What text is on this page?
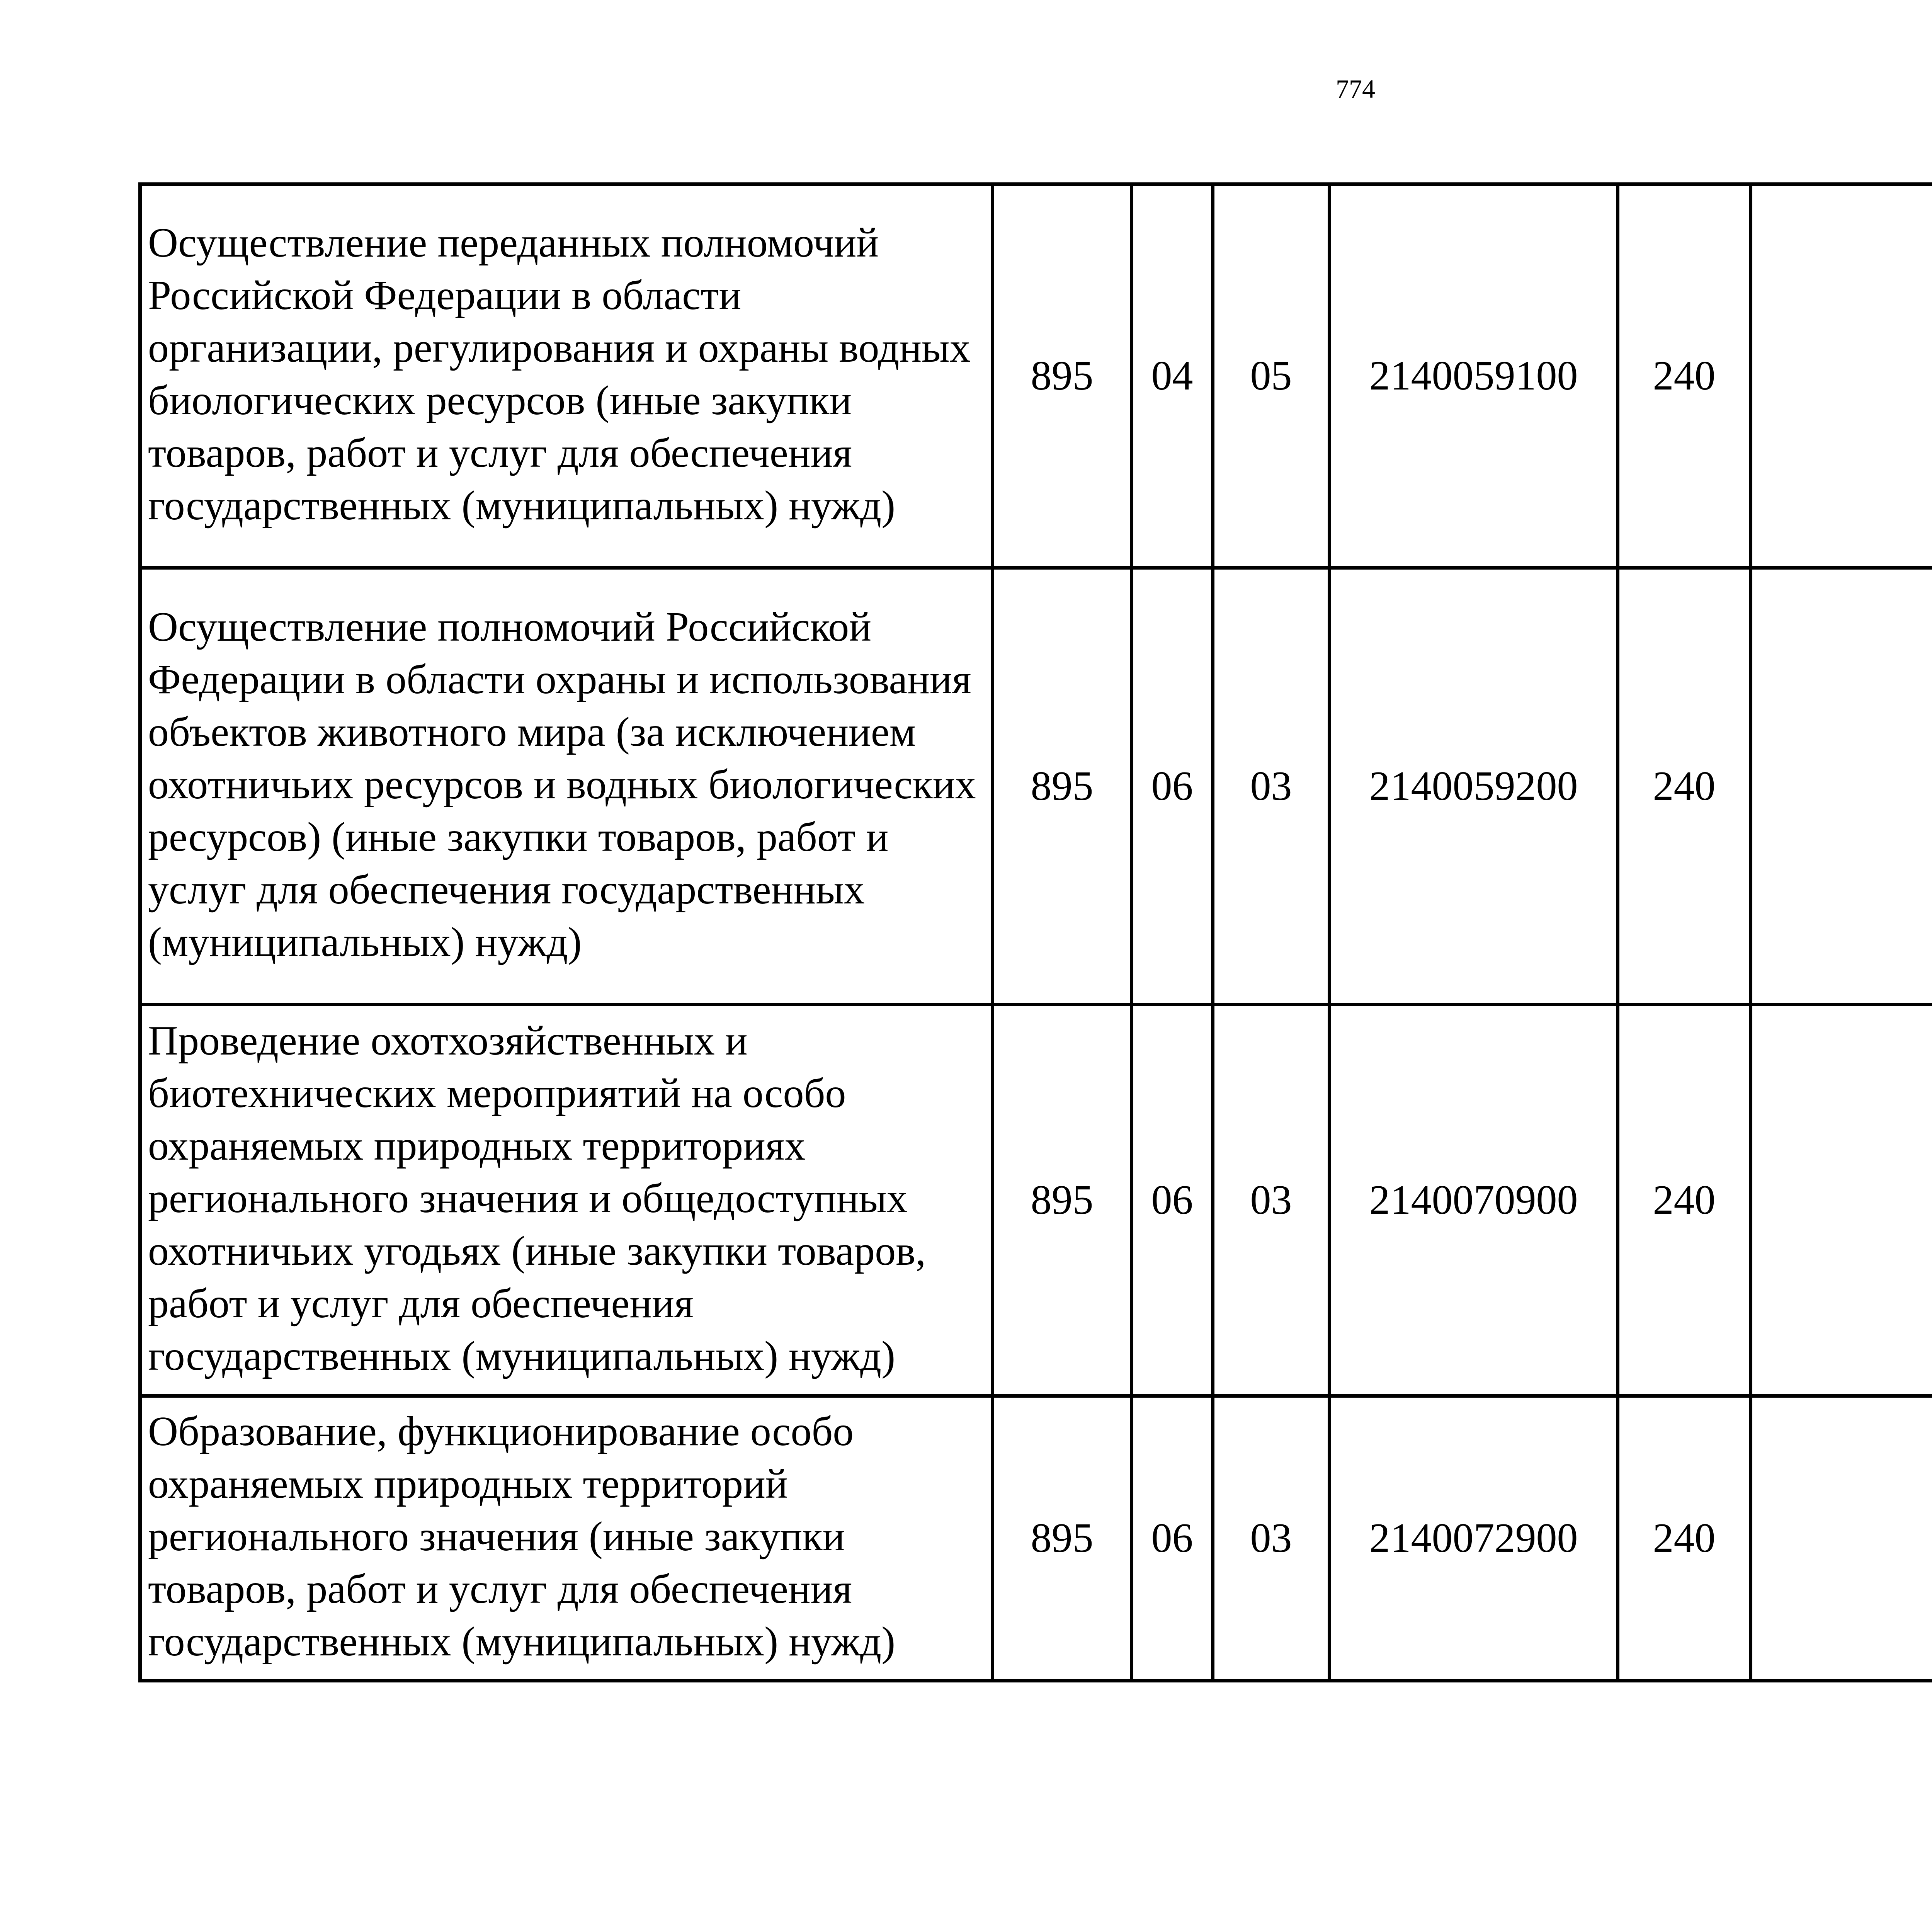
774
Осуществление переданных полномочий Российской Федерации в области организации, регулирования и охраны водных биологических ресурсов (иные закупки товаров, работ и услуг для обеспечения государственных (муниципальных) нужд)	895	04	05	2140059100	240			
Осуществление полномочий Российской Федерации в области охраны и использования объектов животного мира (за исключением охотничьих ресурсов и водных биологических ресурсов) (иные закупки товаров, работ и услуг для обеспечения государственных (муниципальных) нужд)	895	06	03	2140059200	240			
Проведение охотхозяйственных и биотехнических мероприятий на особо охраняемых природных территориях регионального значения и общедоступных охотничьих угодьях (иные закупки товаров, работ и услуг для обеспечения государственных (муниципальных) нужд)	895	06	03	2140070900	240			
Образование, функционирование особо охраняемых природных территорий регионального значения (иные закупки товаров, работ и услуг для обеспечения государственных (муниципальных) нужд)	895	06	03	2140072900	240			
